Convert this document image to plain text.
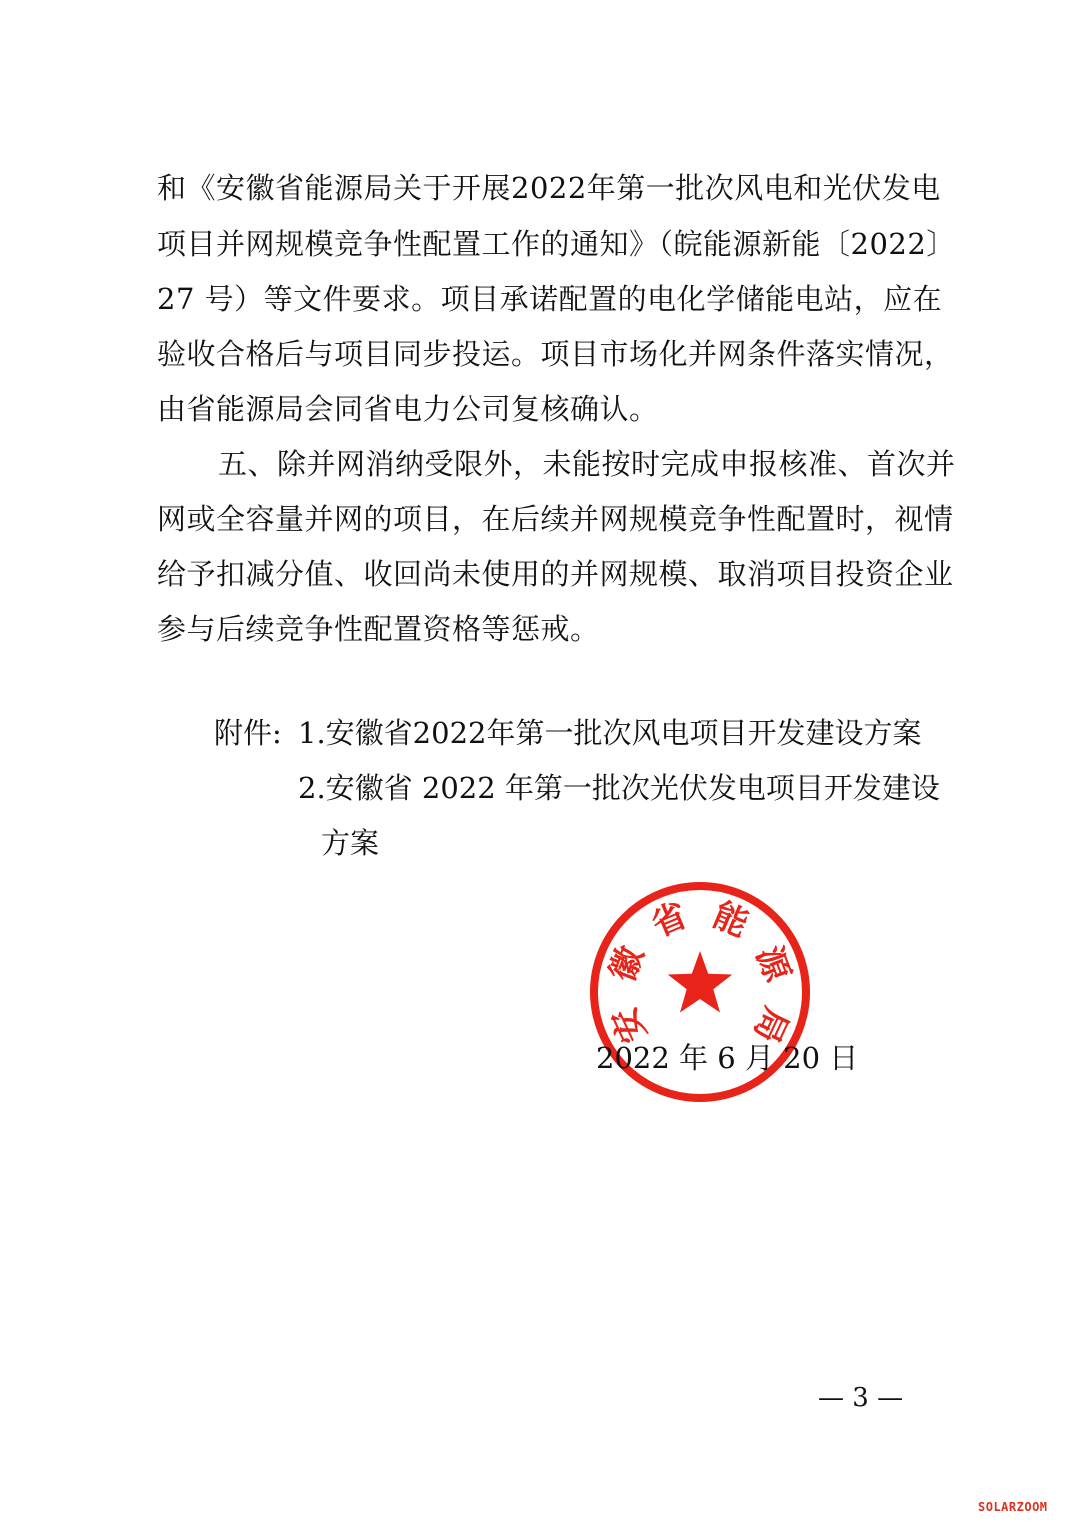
和《安徽省能源局关于开展2022年第一批次风电和光伏发电
项目并网规模竞争性配置工作的通知》（皖能源新能〔2022〕
27 号）等文件要求。项目承诺配置的电化学储能电站，应在
验收合格后与项目同步投运。项目市场化并网条件落实情况，
由省能源局会同省电力公司复核确认。
五、除并网消纳受限外，未能按时完成申报核准、首次并
网或全容量并网的项目，在后续并网规模竞争性配置时，视情
给予扣减分值、收回尚未使用的并网规模、取消项目投资企业
参与后续竞争性配置资格等惩戒。
附件: 1.安徽省2022年第一批次风电项目开发建设方案
2.安徽省 2022 年第一批次光伏发电项目开发建设
方案
安
徽
省 能
源
局
2022 年 6 月 20 日
— 3 —
SOLARZOOM
